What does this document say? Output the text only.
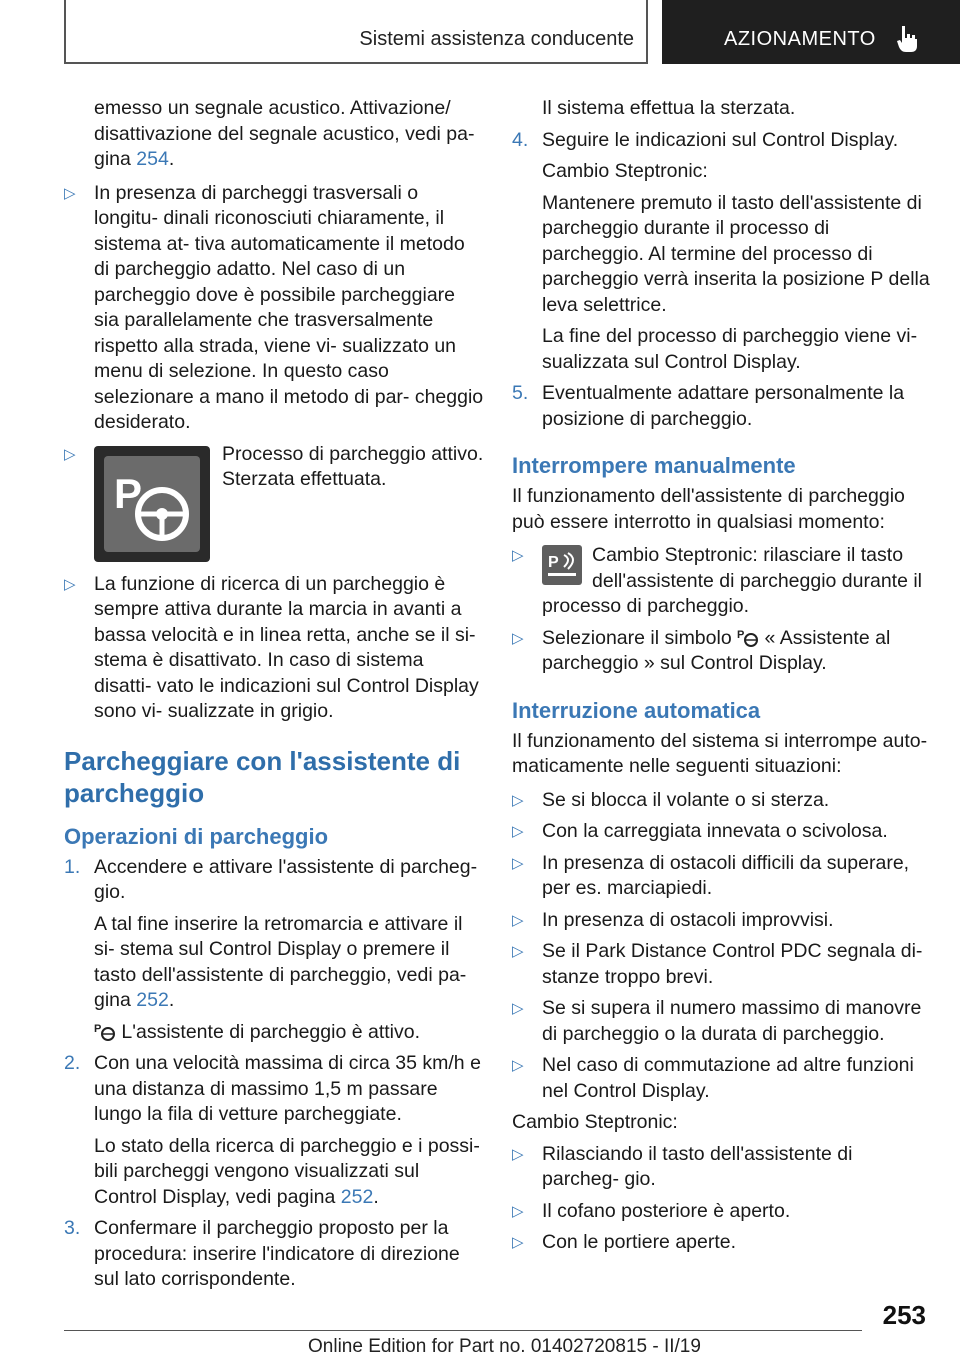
Sistemi assistenza conducente	AZIONAMENTO

emesso un segnale acustico. Attivazione/ disattivazione del segnale acustico, vedi pa‐ gina 254.

▷ In presenza di parcheggi trasversali o longitu‐ dinali riconosciuti chiaramente, il sistema at‐ tiva automaticamente il metodo di parcheggio adatto. Nel caso di un parcheggio dove è possibile parcheggiare sia parallelamente che trasversalmente rispetto alla strada, viene vi‐ sualizzato un menu di selezione. In questo caso selezionare a mano il metodo di par‐ cheggio desiderato.
▷
P
Processo di parcheggio attivo. Sterzata effettuata.
▷ La funzione di ricerca di un parcheggio è sempre attiva durante la marcia in avanti a bassa velocità e in linea retta, anche se il si‐ stema è disattivato. In caso di sistema disatti‐ vato le indicazioni sul Control Display sono vi‐ sualizzate in grigio.
Parcheggiare con l'assistente di parcheggio
Operazioni di parcheggio
1. Accendere e attivare l'assistente di parcheg‐ gio.
A tal fine inserire la retromarcia e attivare il si‐ stema sul Control Display o premere il tasto dell'assistente di parcheggio, vedi pa‐ gina 252.
P L'assistente di parcheggio è attivo.
2. Con una velocità massima di circa 35 km/h e una distanza di massimo 1,5 m passare lungo la fila di vetture parcheggiate.
Lo stato della ricerca di parcheggio e i possi‐ bili parcheggi vengono visualizzati sul Control Display, vedi pagina 252.
3. Confermare il parcheggio proposto per la procedura: inserire l'indicatore di direzione sul lato corrispondente.
Il sistema effettua la sterzata.
4. Seguire le indicazioni sul Control Display.
Cambio Steptronic:
Mantenere premuto il tasto dell'assistente di parcheggio durante il processo di parcheggio. Al termine del processo di parcheggio verrà inserita la posizione P della leva selettrice.
La fine del processo di parcheggio viene vi‐ sualizzata sul Control Display.
5. Eventualmente adattare personalmente la posizione di parcheggio.
Interrompere manualmente

Il funzionamento dell'assistente di parcheggio può essere interrotto in qualsiasi momento:

▷ P Cambio Steptronic: rilasciare il tasto dell'assistente di parcheggio durante il processo di parcheggio.
▷ Selezionare il simbolo P « Assistente al parcheggio » sul Control Display.
Interruzione automatica

Il funzionamento del sistema si interrompe auto‐ maticamente nelle seguenti situazioni:

▷ Se si blocca il volante o si sterza.
▷ Con la carreggiata innevata o scivolosa.
▷ In presenza di ostacoli difficili da superare, per es. marciapiedi.
▷ In presenza di ostacoli improvvisi.
▷ Se il Park Distance Control PDC segnala di‐ stanze troppo brevi.
▷ Se si supera il numero massimo di manovre di parcheggio o la durata di parcheggio.
▷ Nel caso di commutazione ad altre funzioni nel Control Display.

Cambio Steptronic:

▷ Rilasciando il tasto dell'assistente di parcheg‐ gio.
▷ Il cofano posteriore è aperto.
▷ Con le portiere aperte.
253
Online Edition for Part no. 01402720815 - II/19
